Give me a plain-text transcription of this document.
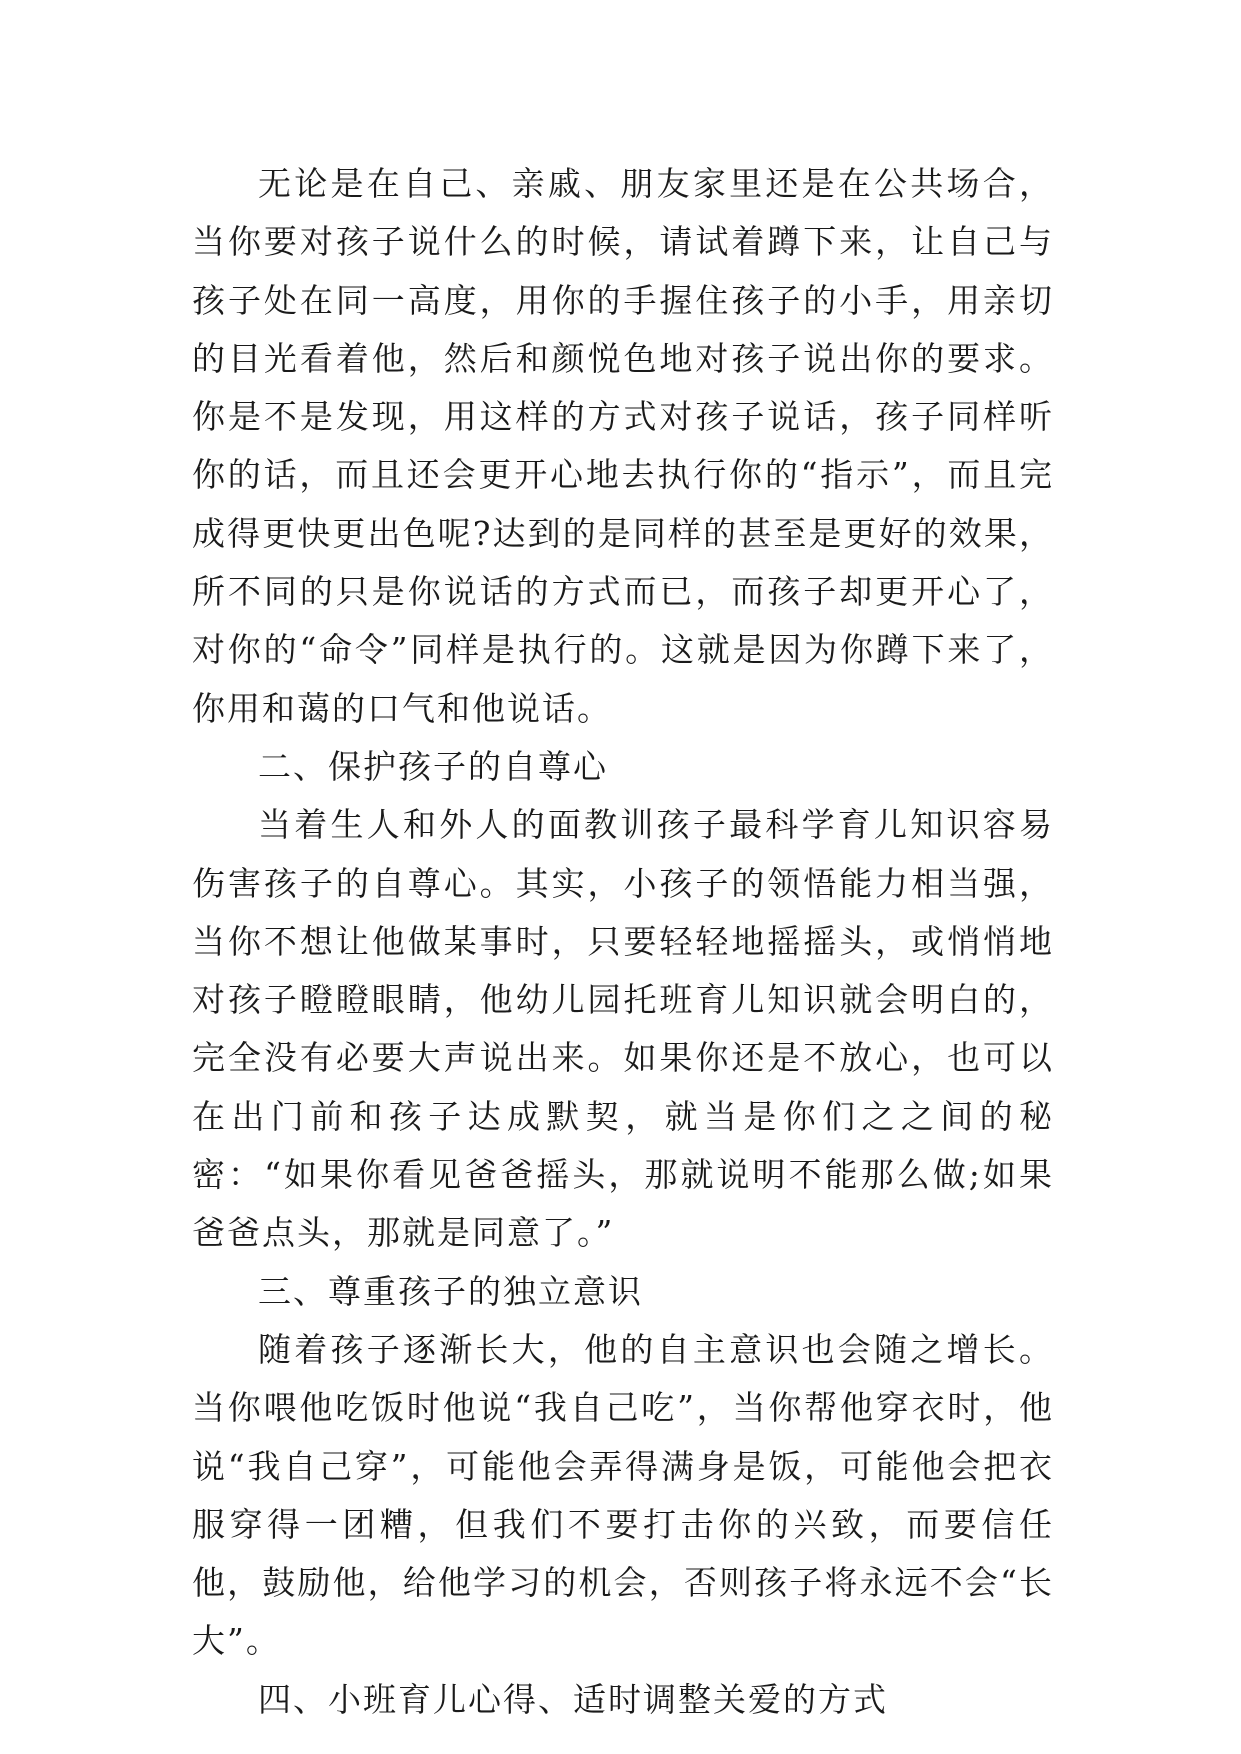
无论是在自己、亲戚、朋友家里还是在公共场合，当你要对孩子说什么的时候，请试着蹲下来，让自己与孩子处在同一高度，用你的手握住孩子的小手，用亲切的目光看着他，然后和颜悦色地对孩子说出你的要求。你是不是发现，用这样的方式对孩子说话，孩子同样听你的话，而且还会更开心地去执行你的“指示”，而且完成得更快更出色呢?达到的是同样的甚至是更好的效果，所不同的只是你说话的方式而已，而孩子却更开心了，对你的“命令”同样是执行的。这就是因为你蹲下来了，你用和蔼的口气和他说话。

二、保护孩子的自尊心

当着生人和外人的面教训孩子最科学育儿知识容易伤害孩子的自尊心。其实，小孩子的领悟能力相当强，当你不想让他做某事时，只要轻轻地摇摇头，或悄悄地对孩子瞪瞪眼睛，他幼儿园托班育儿知识就会明白的，完全没有必要大声说出来。如果你还是不放心，也可以在出门前和孩子达成默契，就当是你们之之间的秘密：“如果你看见爸爸摇头，那就说明不能那么做;如果爸爸点头，那就是同意了。”

三、尊重孩子的独立意识

随着孩子逐渐长大，他的自主意识也会随之增长。当你喂他吃饭时他说“我自己吃”，当你帮他穿衣时，他说“我自己穿”，可能他会弄得满身是饭，可能他会把衣服穿得一团糟，但我们不要打击你的兴致，而要信任他，鼓励他，给他学习的机会，否则孩子将永远不会“长大”。

四、小班育儿心得、适时调整关爱的方式
